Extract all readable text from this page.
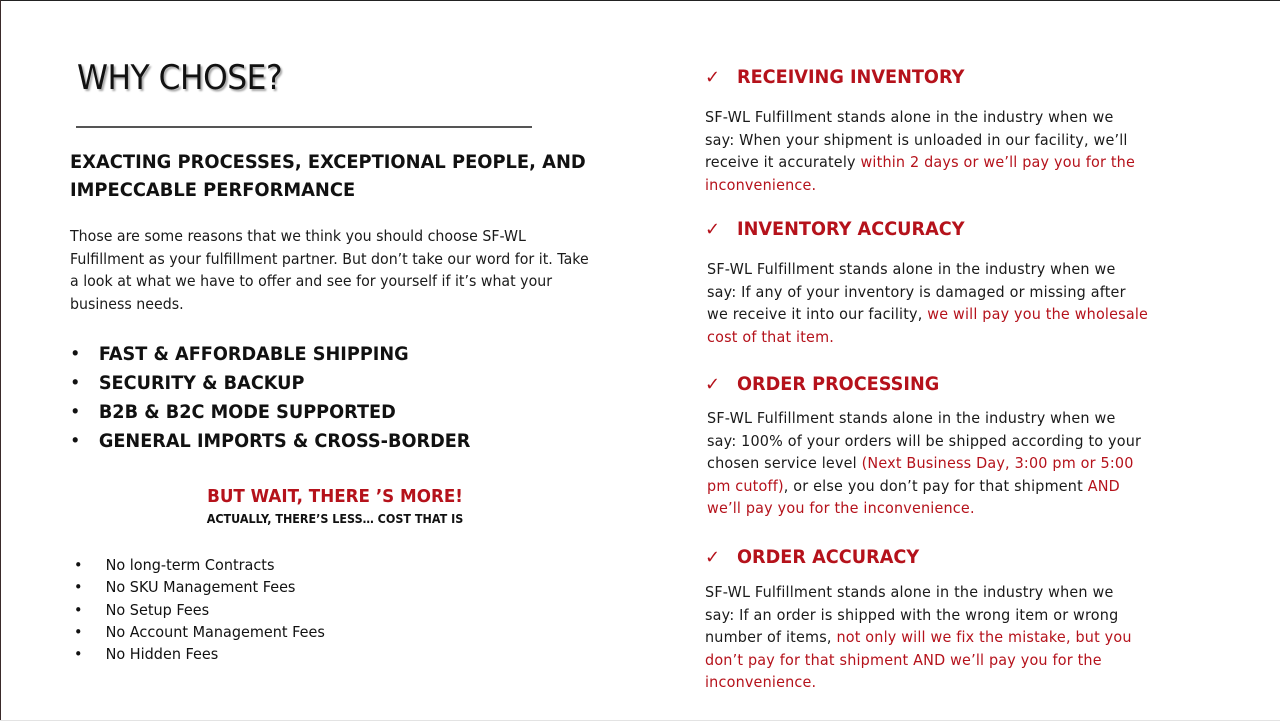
WHY CHOSE?

EXACTING PROCESSES, EXCEPTIONAL PEOPLE, AND IMPECCABLE PERFORMANCE

Those are some reasons that we think you should choose SF-WL Fulfillment as your fulfillment partner. But don’t take our word for it. Take a look at what we have to offer and see for yourself if it’s what your business needs.

• FAST & AFFORDABLE SHIPPING
• SECURITY & BACKUP
• B2B & B2C MODE SUPPORTED
• GENERAL IMPORTS & CROSS-BORDER
BUT WAIT, THERE ’S MORE!
ACTUALLY, THERE’S LESS… COST THAT IS
•	No long-term Contracts
•	No SKU Management Fees
•	No Setup Fees
•	No Account Management Fees
•	No Hidden Fees
✓ RECEIVING INVENTORY

SF-WL Fulfillment stands alone in the industry when we say: When your shipment is unloaded in our facility, we’ll receive it accurately within 2 days or we’ll pay you for the inconvenience.

✓ INVENTORY ACCURACY

SF-WL Fulfillment stands alone in the industry when we say: If any of your inventory is damaged or missing after we receive it into our facility, we will pay you the wholesale cost of that item.

✓ ORDER PROCESSING

SF-WL Fulfillment stands alone in the industry when we say: 100% of your orders will be shipped according to your chosen service level (Next Business Day, 3:00 pm or 5:00 pm cutoff), or else you don’t pay for that shipment AND we’ll pay you for the inconvenience.

✓ ORDER ACCURACY

SF-WL Fulfillment stands alone in the industry when we say: If an order is shipped with the wrong item or wrong number of items, not only will we fix the mistake, but you don’t pay for that shipment AND we’ll pay you for the inconvenience.
